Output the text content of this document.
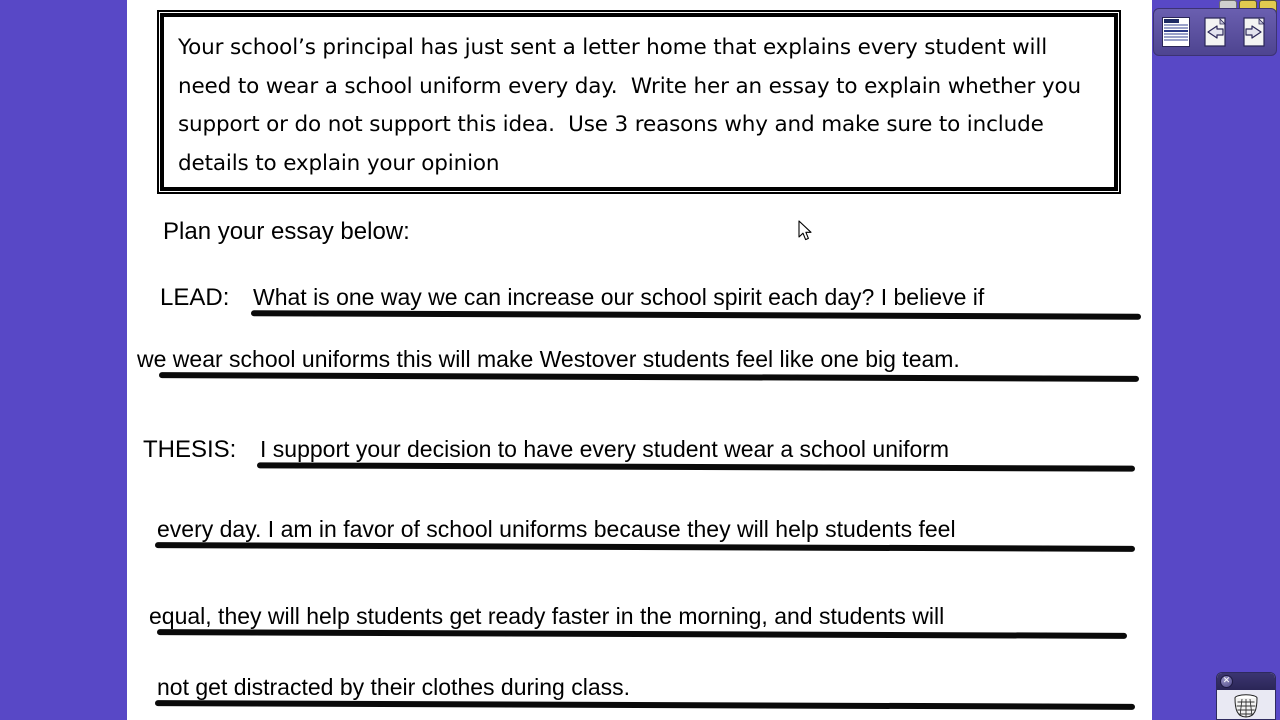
Your school’s principal has just sent a letter home that explains every student will need to wear a school uniform every day.  Write her an essay to explain whether you support or do not support this idea.  Use 3 reasons why and make sure to include details to explain your opinion
Plan your essay below:
LEAD: What is one way we can increase our school spirit each day? I believe if
we wear school uniforms this will make Westover students feel like one big team.
THESIS: I support your decision to have every student wear a school uniform
every day. I am in favor of school uniforms because they will help students feel
equal, they will help students get ready faster in the morning, and students will
not get distracted by their clothes during class.	✕
